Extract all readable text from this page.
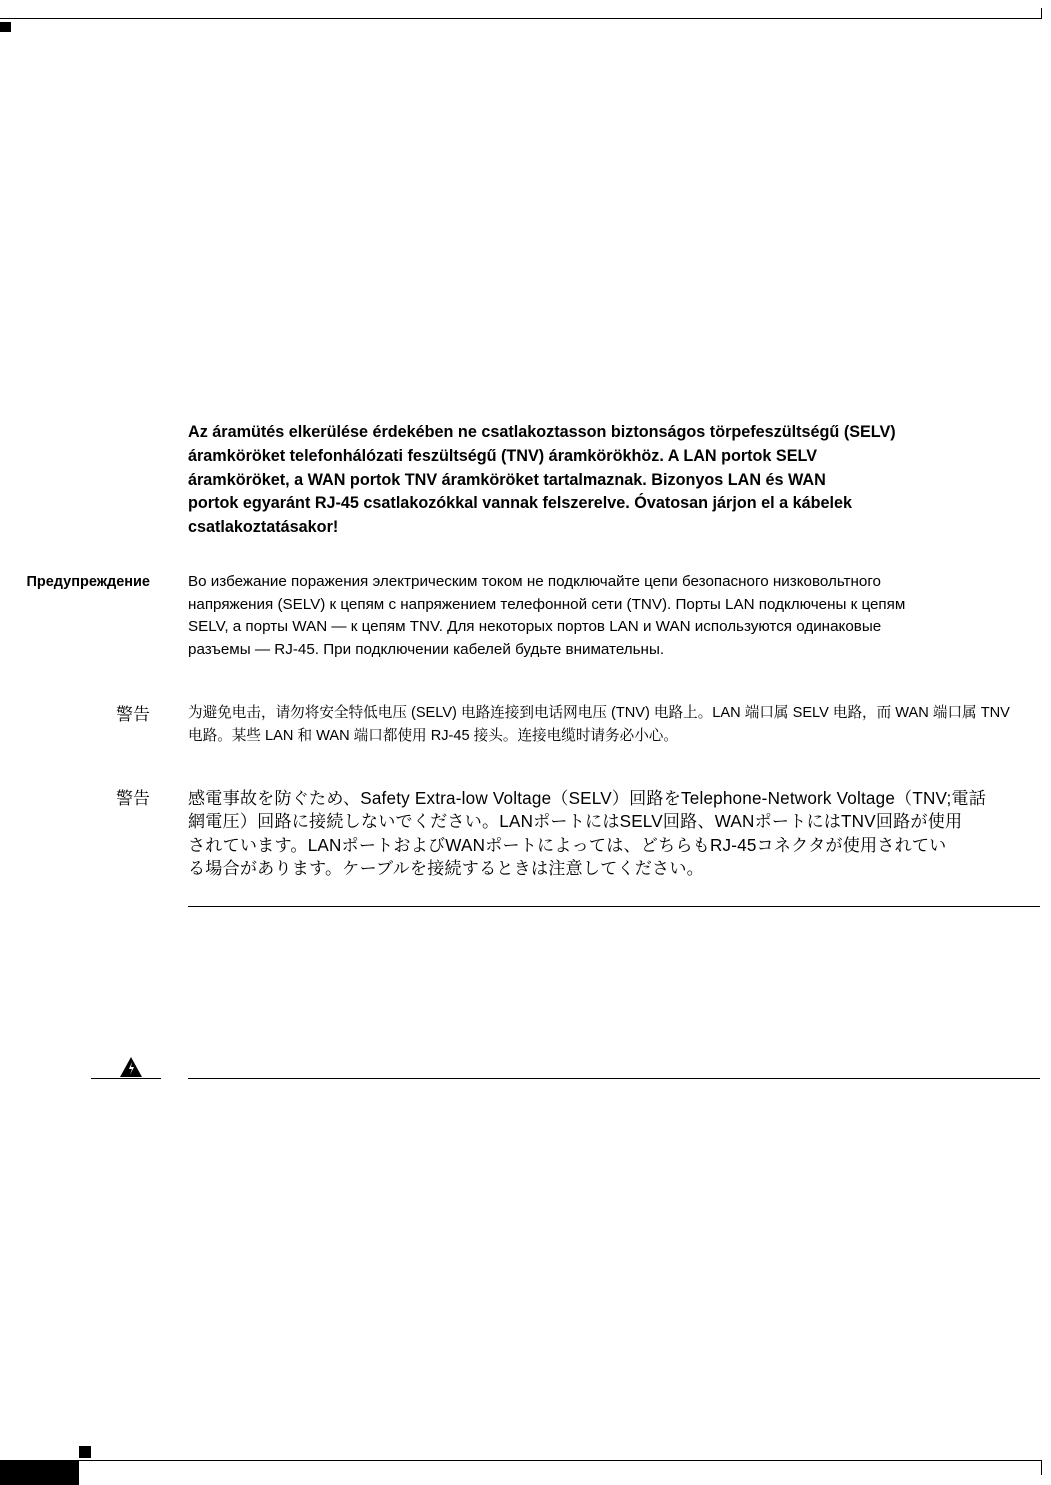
Az áramütés elkerülése érdekében ne csatlakoztasson biztonságos törpefeszültségű (SELV)
áramköröket telefonhálózati feszültségű (TNV) áramkörökhöz. A LAN portok SELV
áramköröket, a WAN portok TNV áramköröket tartalmaznak. Bizonyos LAN és WAN
portok egyaránt RJ-45 csatlakozókkal vannak felszerelve. Óvatosan járjon el a kábelek
csatlakoztatásakor!
Предупреждение	Во избежание поражения электрическим током не подключайте цепи безопасного низковольтного
напряжения (SELV) к цепям с напряжением телефонной сети (TNV). Порты LAN подключены к цепям
SELV, а порты WAN — к цепям TNV. Для некоторых портов LAN и WAN используются одинаковые
разъемы — RJ-45. При подключении кабелей будьте внимательны.
警告	为避免电击，请勿将安全特低电压 (SELV) 电路连接到电话网电压 (TNV) 电路上。LAN 端口属 SELV 电路，而 WAN 端口属 TNV
电路。某些 LAN 和 WAN 端口都使用 RJ-45 接头。连接电缆时请务必小心。
警告 感電事故を防ぐため、Safety Extra-low Voltage（SELV）回路をTelephone-Network Voltage（TNV;電話
網電圧）回路に接続しないでください。LANポートにはSELV回路、WANポートにはTNV回路が使用
されています。LANポートおよびWANポートによっては、どちらもRJ-45コネクタが使用されてい
る場合があります。ケーブルを接続するときは注意してください。
